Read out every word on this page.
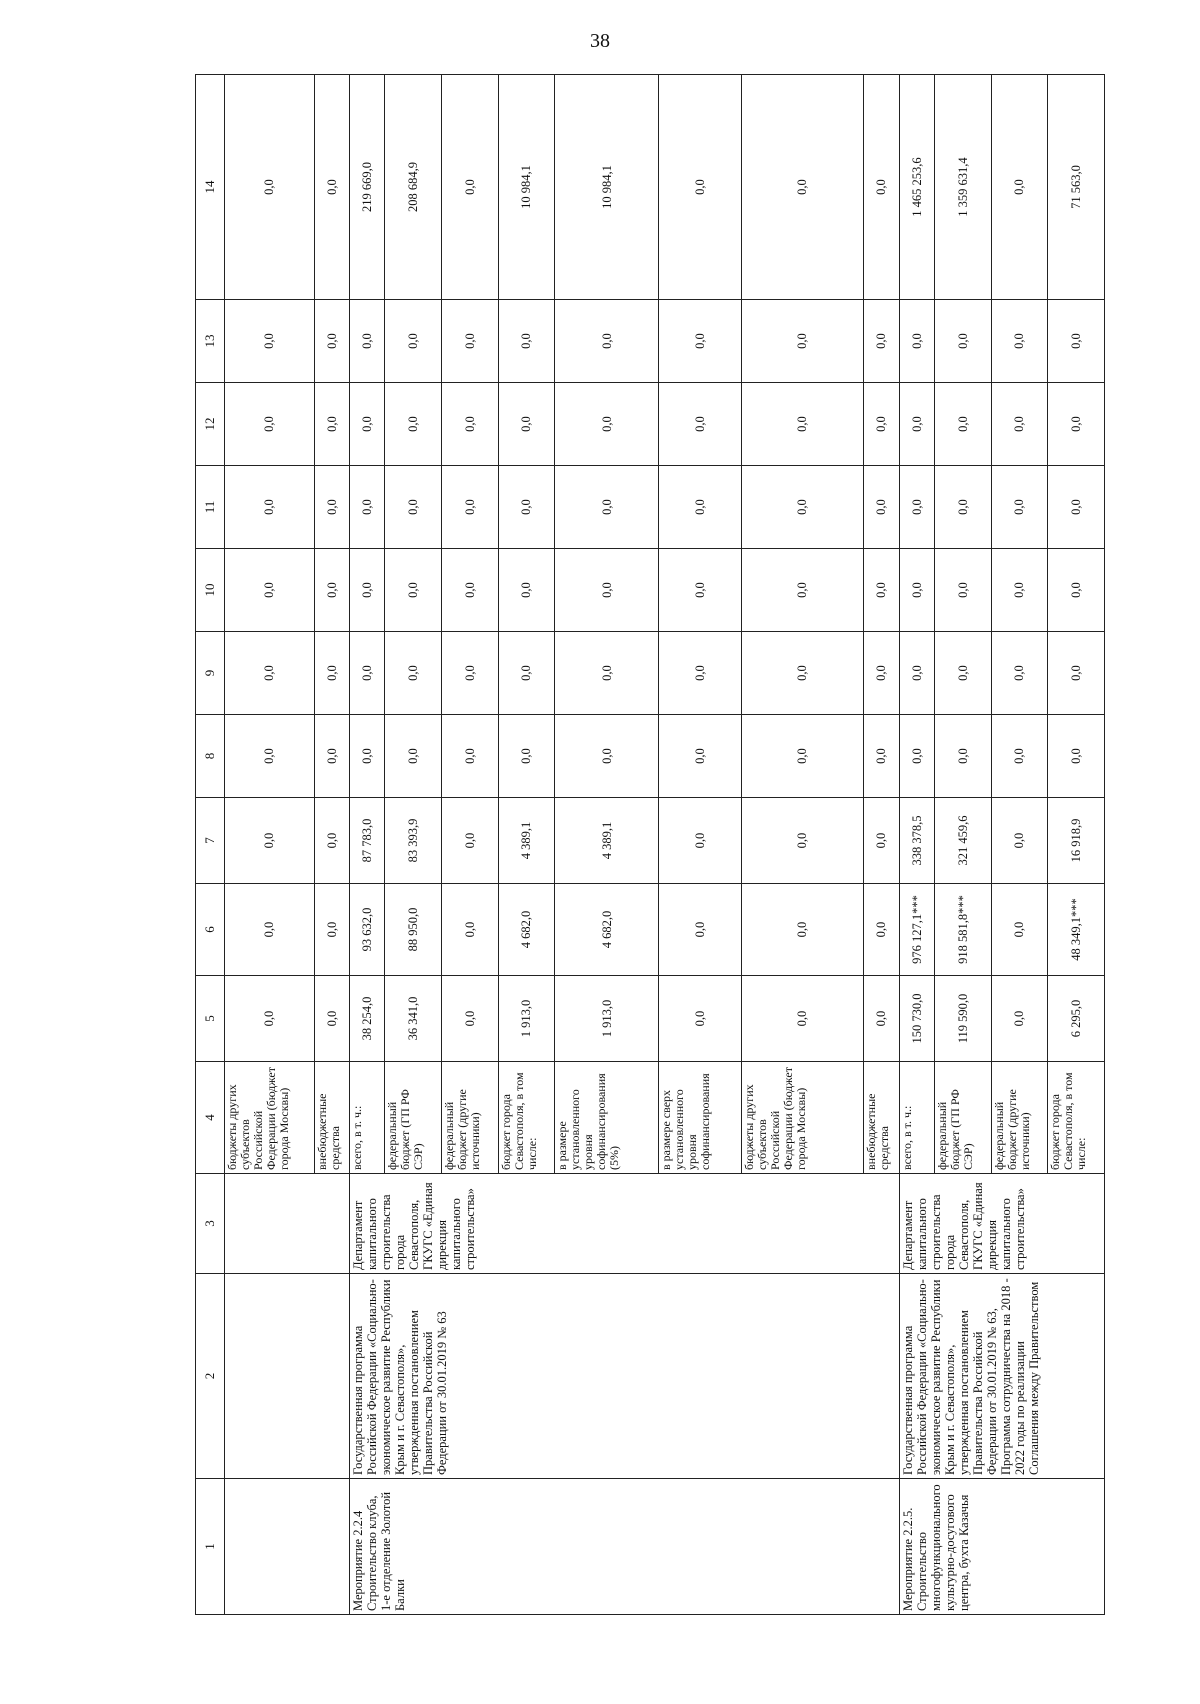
38
1	2	3	4	5	6	7	8	9	10	11	12	13	14
			бюджеты других субъектов Российской Федерации (бюджет города Москвы)	0,0	0,0	0,0	0,0	0,0	0,0	0,0	0,0	0,0	0,0
			внебюджетные средства	0,0	0,0	0,0	0,0	0,0	0,0	0,0	0,0	0,0	0,0
Мероприятие 2.2.4 Строительство клуба, 1-е отделение Золотой Балки	Государственная программа Российской Федерации «Социально-экономическое развитие Республики Крым и г. Севастополя», утвержденная постановлением Правительства Российской Федерации от 30.01.2019 № 63	Департамент капитального строительства города Севастополя, ГКУГС «Единая дирекция капитального строительства»	всего, в т. ч.:	38 254,0	93 632,0	87 783,0	0,0	0,0	0,0	0,0	0,0	0,0	219 669,0
			федеральный бюджет (ГП РФ СЭР)	36 341,0	88 950,0	83 393,9	0,0	0,0	0,0	0,0	0,0	0,0	208 684,9
			федеральный бюджет (другие источники)	0,0	0,0	0,0	0,0	0,0	0,0	0,0	0,0	0,0	0,0
			бюджет города Севастополя, в том числе:	1 913,0	4 682,0	4 389,1	0,0	0,0	0,0	0,0	0,0	0,0	10 984,1
			в размере установленного уровня софинансирования (5%)	1 913,0	4 682,0	4 389,1	0,0	0,0	0,0	0,0	0,0	0,0	10 984,1
			в размере сверх установленного уровня софинансирования	0,0	0,0	0,0	0,0	0,0	0,0	0,0	0,0	0,0	0,0
			бюджеты других субъектов Российской Федерации (бюджет города Москвы)	0,0	0,0	0,0	0,0	0,0	0,0	0,0	0,0	0,0	0,0
			внебюджетные средства	0,0	0,0	0,0	0,0	0,0	0,0	0,0	0,0	0,0	0,0
Мероприятие 2.2.5. Строительство многофункционального культурно-досугового центра, бухта Казачья	Государственная программа Российской Федерации «Социально-экономическое развитие Республики Крым и г. Севастополя», утвержденная постановлением Правительства Российской Федерации от 30.01.2019 № 63, Программа сотрудничества на 2018 - 2022 годы по реализации Соглашения между Правительством	Департамент капитального строительства города Севастополя, ГКУГС «Единая дирекция капитального строительства»	всего, в т. ч.:	150 730,0	976 127,1***	338 378,5	0,0	0,0	0,0	0,0	0,0	0,0	1 465 253,6
			федеральный бюджет (ГП РФ СЭР)	119 590,0	918 581,8***	321 459,6	0,0	0,0	0,0	0,0	0,0	0,0	1 359 631,4
			федеральный бюджет (другие источники)	0,0	0,0	0,0	0,0	0,0	0,0	0,0	0,0	0,0	0,0
			бюджет города Севастополя, в том числе:	6 295,0	48 349,1***	16 918,9	0,0	0,0	0,0	0,0	0,0	0,0	71 563,0
